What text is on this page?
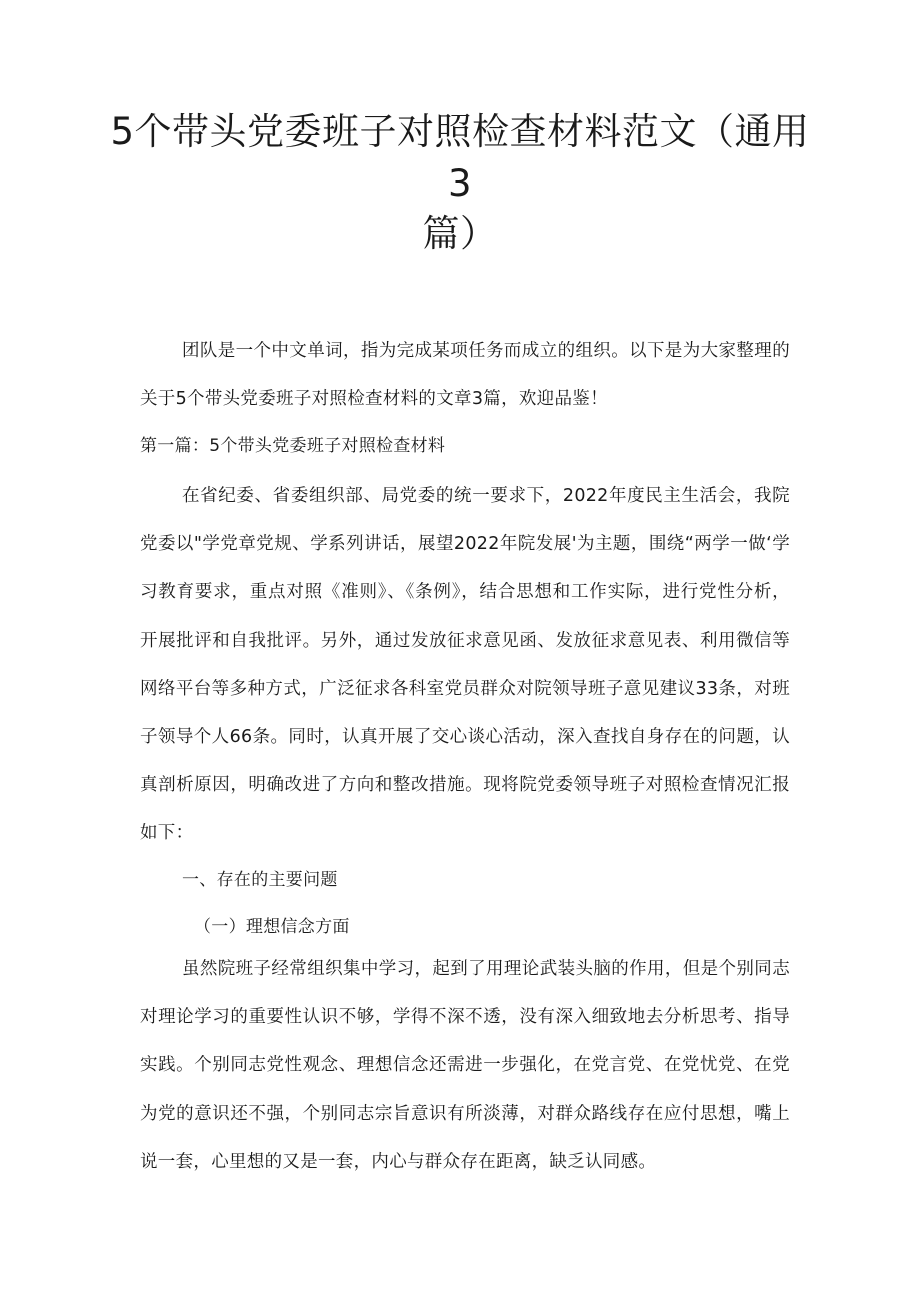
5个带头党委班子对照检查材料范文（通用
3
篇）

团队是一个中文单词，指为完成某项任务而成立的组织。以下是为大家整理的关于5个带头党委班子对照检查材料的文章3篇，欢迎品鉴！

第一篇：5个带头党委班子对照检查材料

在省纪委、省委组织部、局党委的统一要求下，2022年度民主生活会，我院党委以"学党章党规、学系列讲话，展望2022年院发展'为主题，围绕“两学一做‘学习教育要求，重点对照《准则》、《条例》，结合思想和工作实际，进行党性分析，开展批评和自我批评。另外，通过发放征求意见函、发放征求意见表、利用微信等网络平台等多种方式，广泛征求各科室党员群众对院领导班子意见建议33条，对班子领导个人66条。同时，认真开展了交心谈心活动，深入查找自身存在的问题，认真剖析原因，明确改进了方向和整改措施。现将院党委领导班子对照检查情况汇报如下：

一、存在的主要问题
（一）理想信念方面

虽然院班子经常组织集中学习，起到了用理论武装头脑的作用，但是个别同志对理论学习的重要性认识不够，学得不深不透，没有深入细致地去分析思考、指导实践。个别同志党性观念、理想信念还需进一步强化，在党言党、在党忧党、在党为党的意识还不强，个别同志宗旨意识有所淡薄，对群众路线存在应付思想，嘴上说一套，心里想的又是一套，内心与群众存在距离，缺乏认同感。
